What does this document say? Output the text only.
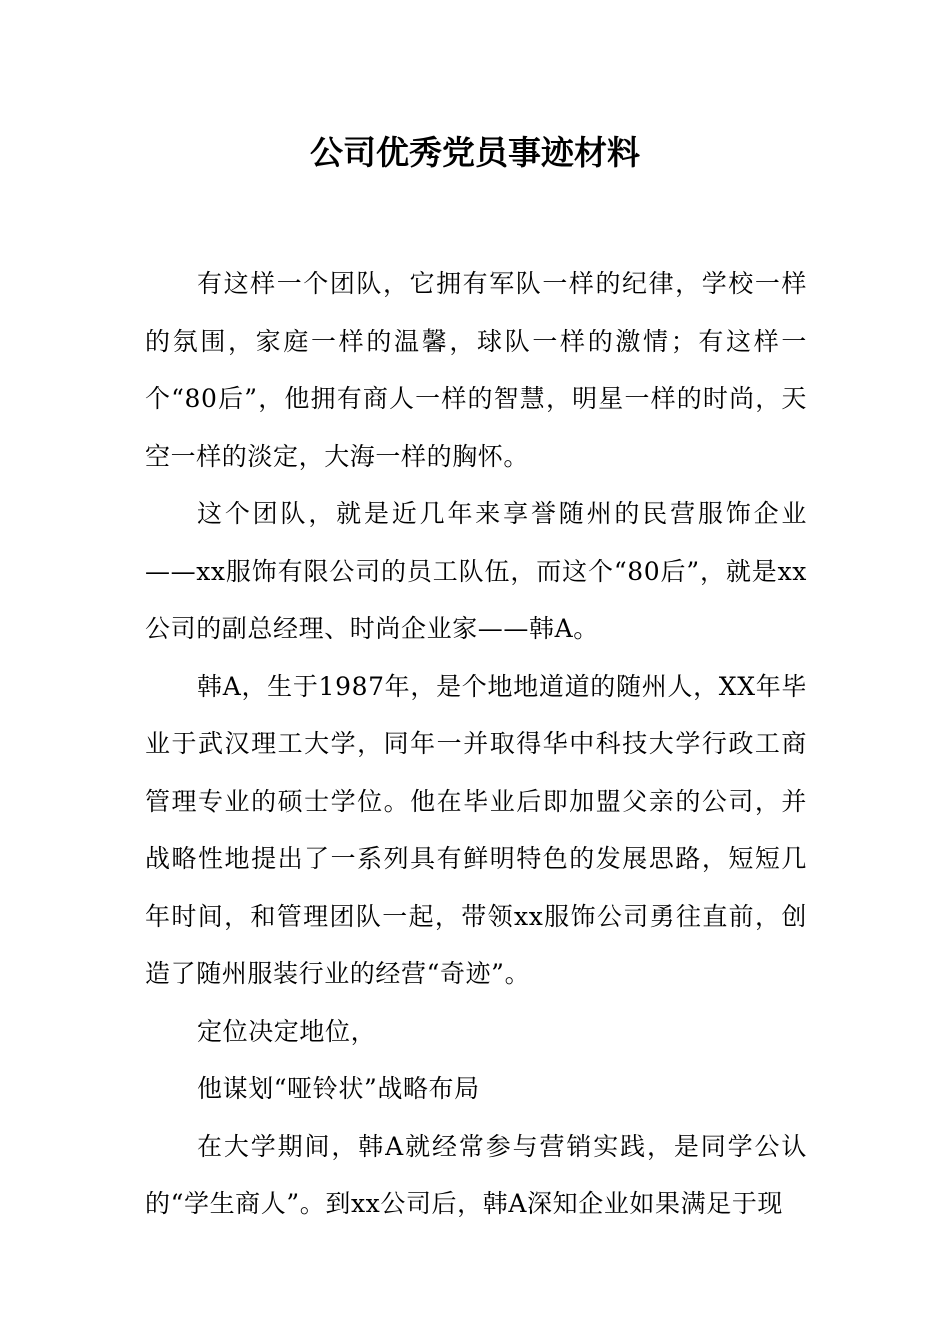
公司优秀党员事迹材料

有这样一个团队，它拥有军队一样的纪律，学校一样的氛围，家庭一样的温馨，球队一样的激情；有这样一个“80后”，他拥有商人一样的智慧，明星一样的时尚，天空一样的淡定，大海一样的胸怀。

这个团队，就是近几年来享誉随州的民营服饰企业——xx服饰有限公司的员工队伍，而这个“80后”，就是xx公司的副总经理、时尚企业家——韩A。

韩A，生于1987年，是个地地道道的随州人，XX年毕业于武汉理工大学，同年一并取得华中科技大学行政工商管理专业的硕士学位。他在毕业后即加盟父亲的公司，并战略性地提出了一系列具有鲜明特色的发展思路，短短几年时间，和管理团队一起，带领xx服饰公司勇往直前，创造了随州服装行业的经营“奇迹”。

定位决定地位，

他谋划“哑铃状”战略布局

在大学期间，韩A就经常参与营销实践，是同学公认的“学生商人”。到xx公司后，韩A深知企业如果满足于现
